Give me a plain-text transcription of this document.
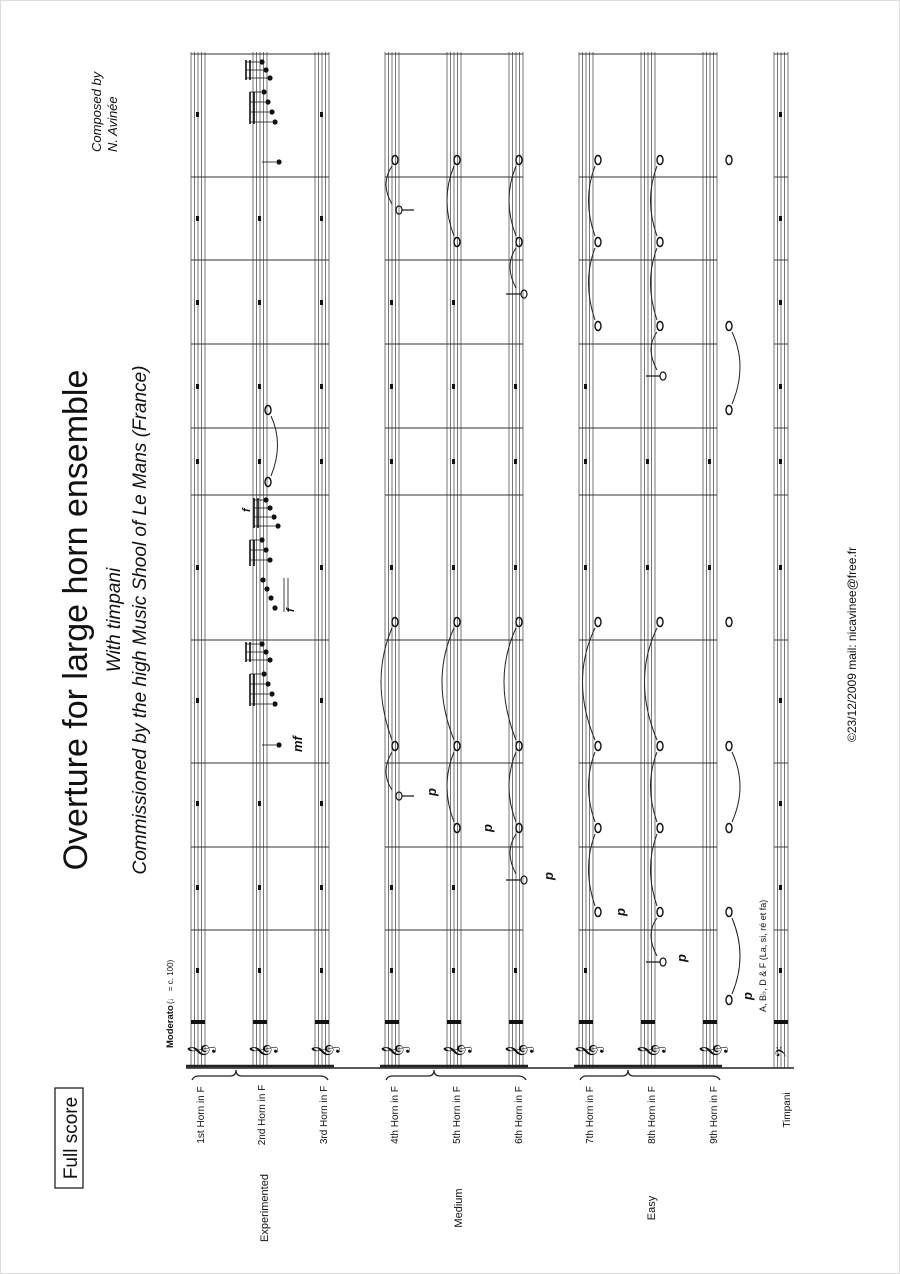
Full score
Overture for large horn ensemble With timpani Commissioned by the high Music Shool of Le Mans (France)
Composed by N. Avinée
©23/12/2009 mail: nicavinee@free.fr
Moderato
(♩ = c. 100)	A, B♭, D & F (La, si, ré et fa)
1st Horn in F	2nd Horn in F	3rd Horn in F	4th Horn in F	5th Horn in F	6th Horn in F	7th Horn in F	8th Horn in F	9th Horn in F	Timpani
Experimented	Medium	Easy
𝄞 𝄞 𝄞 𝄞 𝄞 𝄞 𝄞 𝄞 𝄞	𝄢
p
p
p
p
p
p
mf
f
f
